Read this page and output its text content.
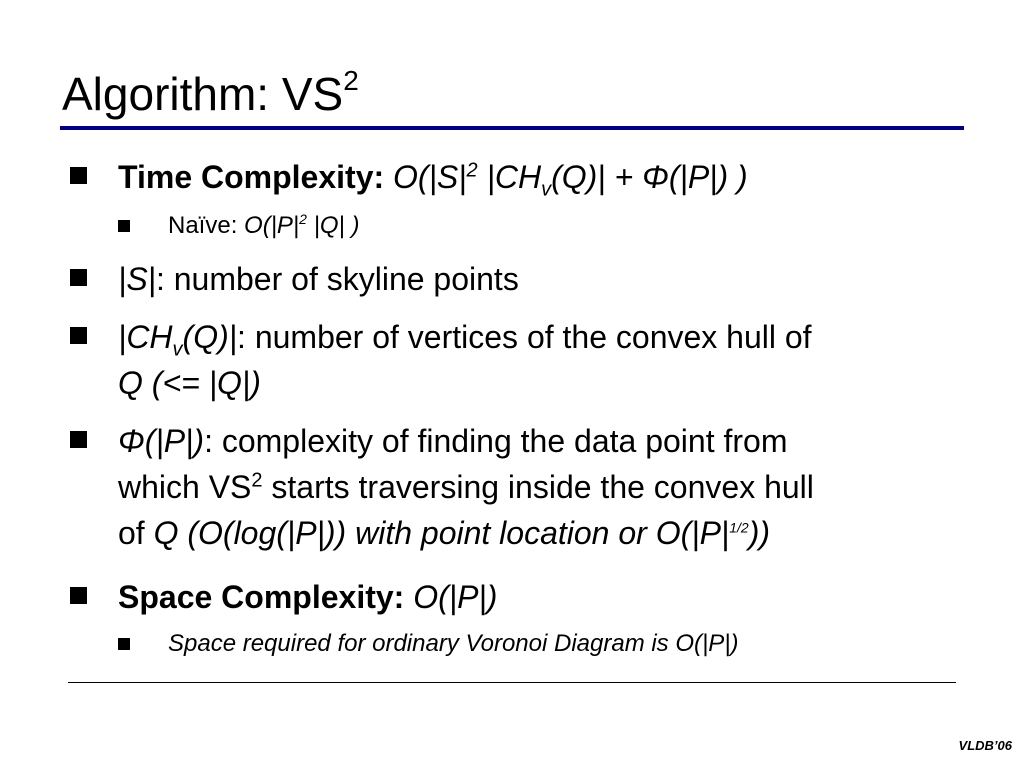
Algorithm: $VS^2$
Time Complexity: $O(|S|^2$ $|CH_v(Q)| + \Phi(|P|)$ )
Naïve: $O(|P|^2$ |Q| )
|S|: number of skyline points
$|CH_v(Q)|$: number of vertices of the convex hull of
Q (<= |Q|)
Φ(|P|): complexity of finding the data point from
which $VS^2$ starts traversing inside the convex hull
of Q (O(log(|P|)) with point location or $O(|P|^{1/2})$)
Space Complexity: O(|P|)
Space required for ordinary Voronoi Diagram is O(|P|)
VLDB’06
